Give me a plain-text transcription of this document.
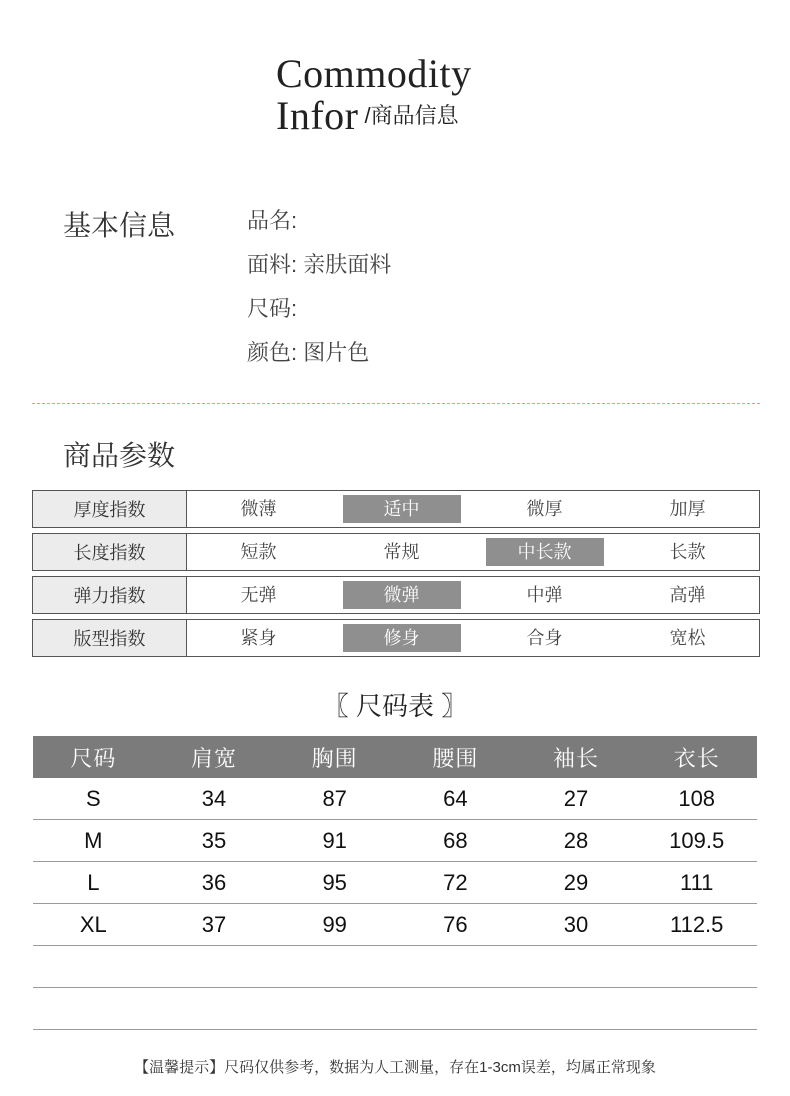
Commodity
Infor /商品信息
基本信息	品名:
面料: 亲肤面料
尺码:
颜色: 图片色
商品参数
厚度指数	微薄	适中	微厚	加厚
长度指数	短款	常规	中长款	长款
弹力指数	无弹	微弹	中弹	高弹
版型指数	紧身	修身	合身	宽松
〖 尺码表 〗
尺码	肩宽	胸围	腰围	袖长	衣长
S	34	87	64	27	108
M	35	91	68	28	109.5
L	36	95	72	29	111
XL	37	99	76	30	112.5
【温馨提示】尺码仅供参考，数据为人工测量，存在1-3cm误差，均属正常现象
